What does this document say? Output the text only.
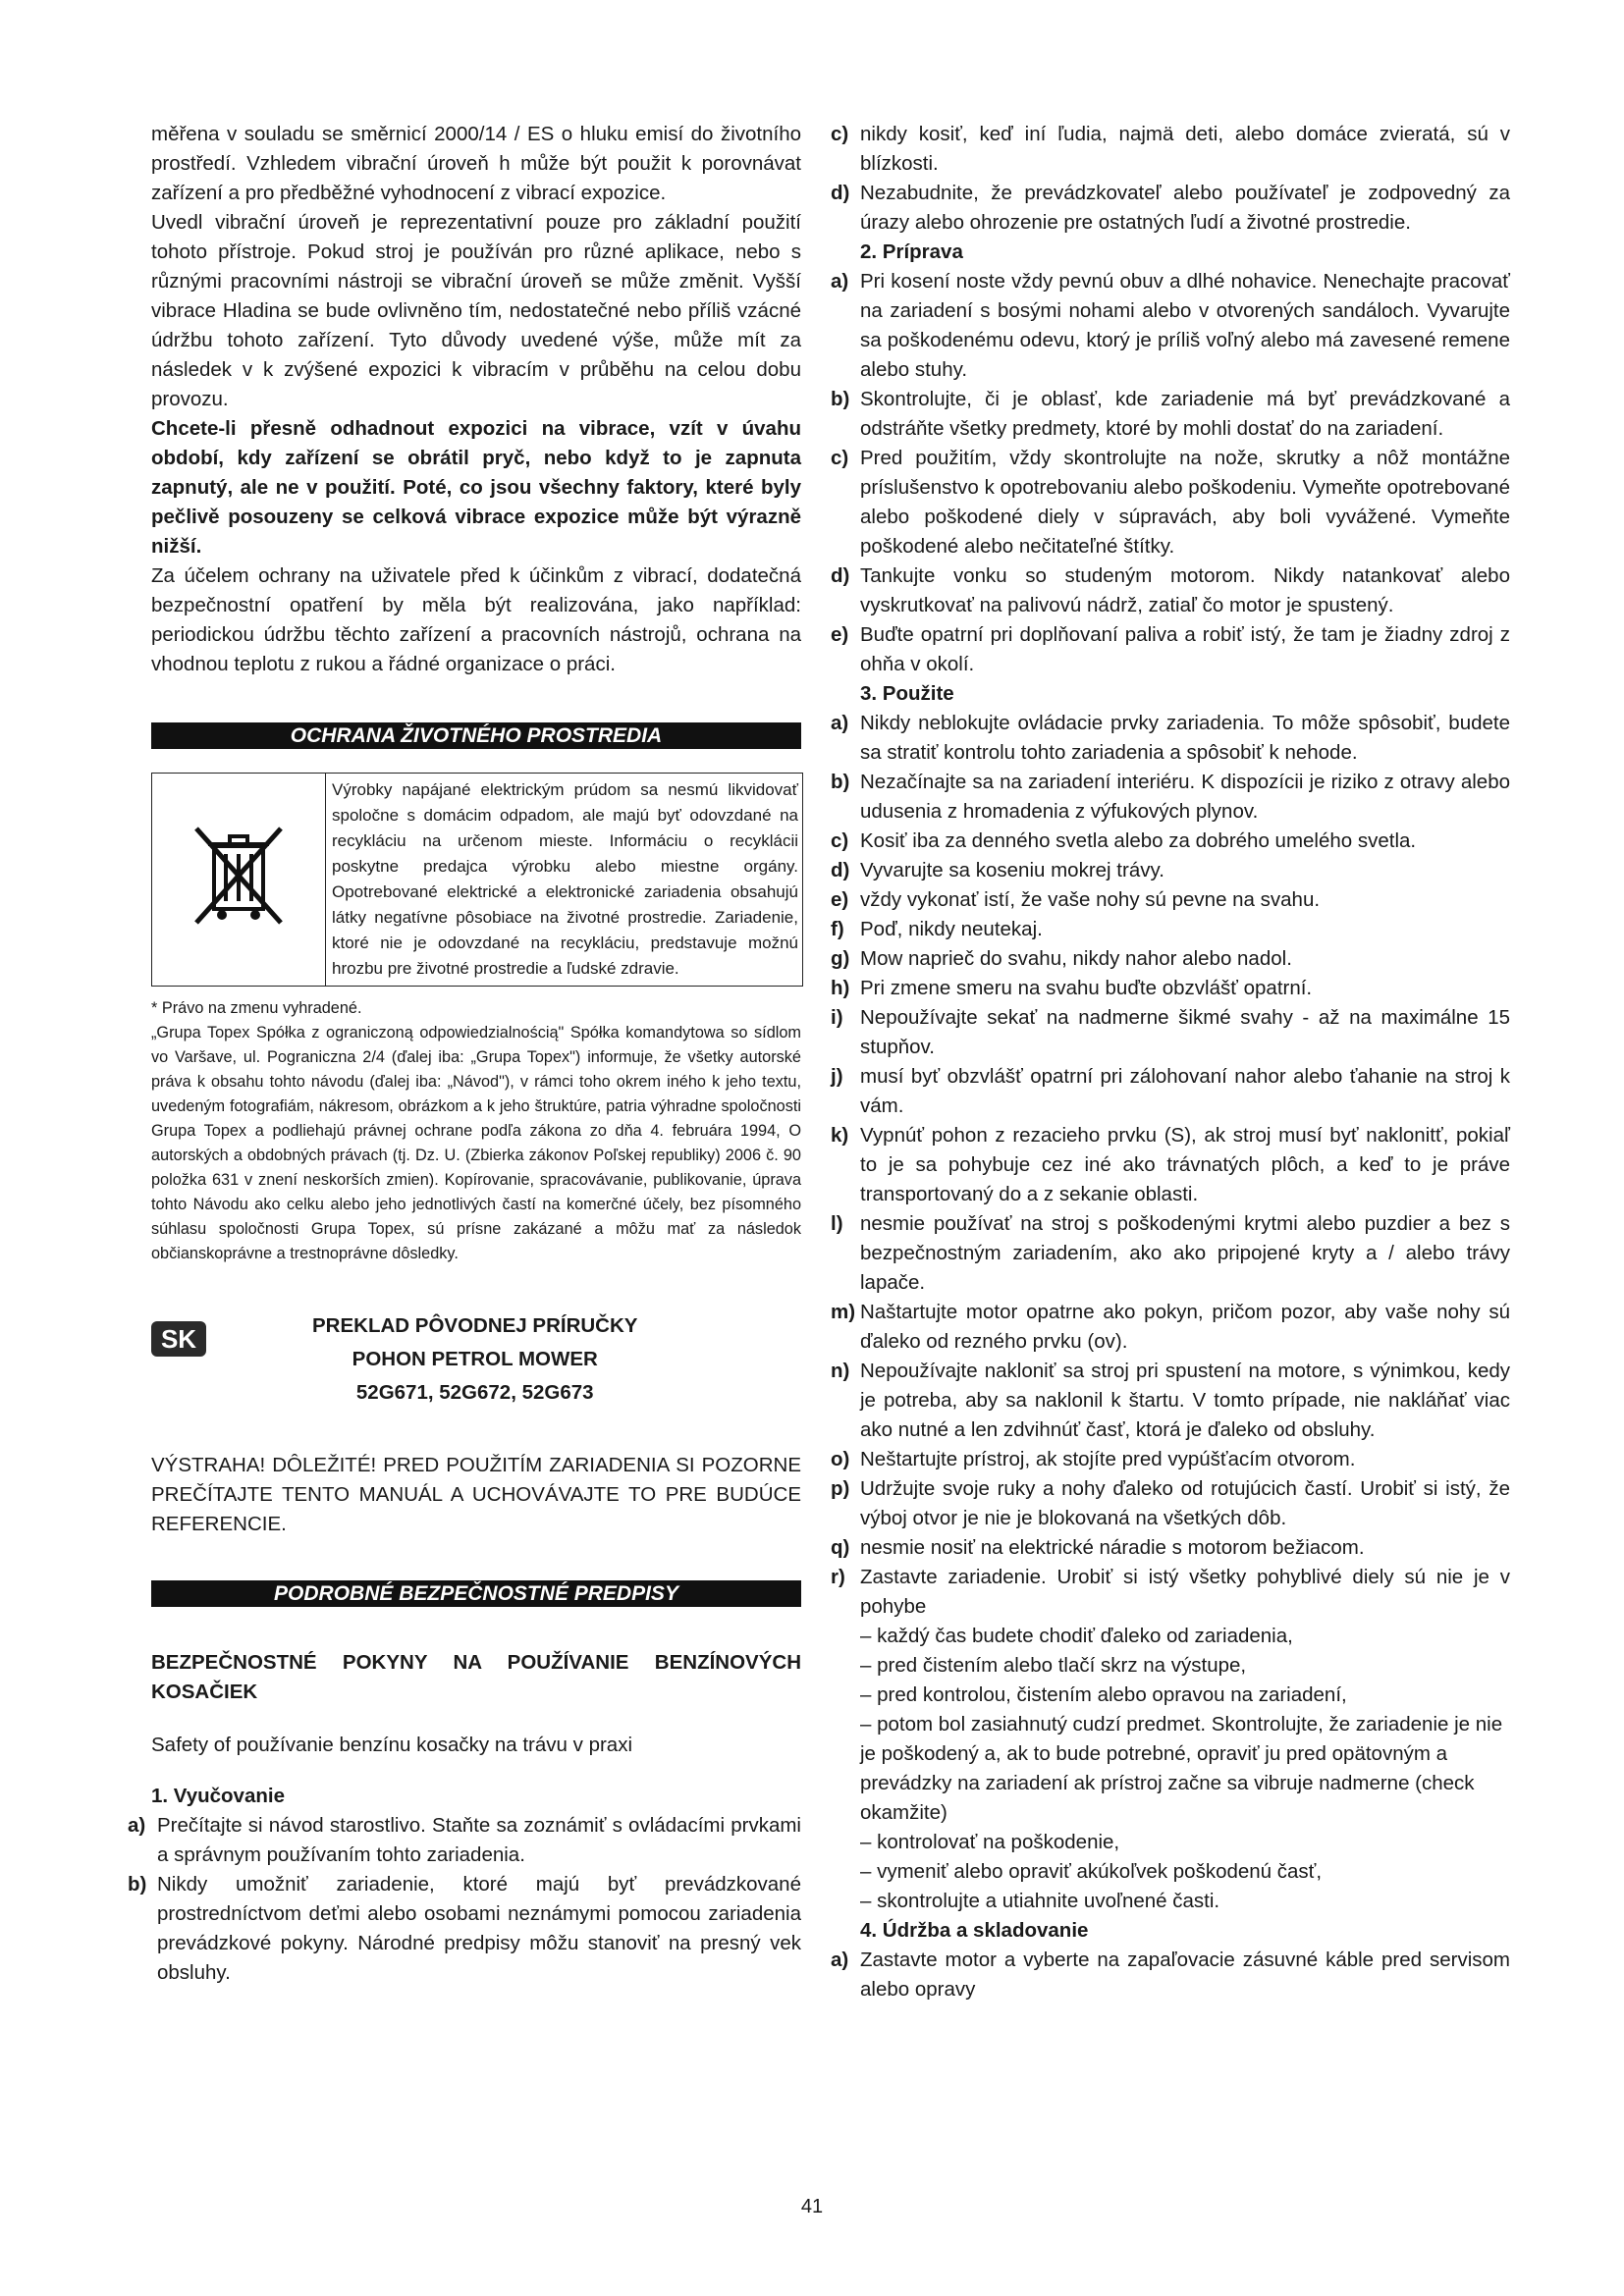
měřena v souladu se směrnicí 2000/14 / ES o hluku emisí do životního prostředí. Vzhledem vibrační úroveň h může být použit k porovnávat zařízení a pro předběžné vyhodnocení z vibrací expozice.

Uvedl vibrační úroveň je reprezentativní pouze pro základní použití tohoto přístroje. Pokud stroj je používán pro různé aplikace, nebo s různými pracovními nástroji se vibrační úroveň se může změnit. Vyšší vibrace Hladina se bude ovlivněno tím, nedostatečné nebo příliš vzácné údržbu tohoto zařízení. Tyto důvody uvedené výše, může mít za následek v k zvýšené expozici k vibracím v průběhu na celou dobu provozu.

Chcete-li přesně odhadnout expozici na vibrace, vzít v úvahu období, kdy zařízení se obrátil pryč, nebo když to je zapnuta zapnutý, ale ne v použití. Poté, co jsou všechny faktory, které byly pečlivě posouzeny se celková vibrace expozice může být výrazně nižší.

Za účelem ochrany na uživatele před k účinkům z vibrací, dodatečná bezpečnostní opatření by měla být realizována, jako například: periodickou údržbu těchto zařízení a pracovních nástrojů, ochrana na vhodnou teplotu z rukou a řádné organizace o práci.

OCHRANA ŽIVOTNÉHO PROSTREDIA
Výrobky napájané elektrickým prúdom sa nesmú likvidovať spoločne s domácim odpadom, ale majú byť odovzdané na recykláciu na určenom mieste. Informáciu o recyklácii poskytne predajca výrobku alebo miestne orgány. Opotrebované elektrické a elektronické zariadenia obsahujú látky negatívne pôsobiace na životné prostredie. Zariadenie, ktoré nie je odovzdané na recykláciu, predstavuje možnú hrozbu pre životné prostredie a ľudské zdravie.

* Právo na zmenu vyhradené.

„Grupa Topex Spółka z ograniczoną odpowiedzialnością" Spółka komandytowa so sídlom vo Varšave, ul. Pograniczna 2/4 (ďalej iba: „Grupa Topex") informuje, že všetky autorské práva k obsahu tohto návodu (ďalej iba: „Návod"), v rámci toho okrem iného k jeho textu, uvedeným fotografiám, nákresom, obrázkom a k jeho štruktúre, patria výhradne spoločnosti Grupa Topex a podliehajú právnej ochrane podľa zákona zo dňa 4. februára 1994, O autorských a obdobných právach (tj. Dz. U. (Zbierka zákonov Poľskej republiky) 2006 č. 90 položka 631 v znení neskorších zmien). Kopírovanie, spracovávanie, publikovanie, úprava tohto Návodu ako celku alebo jeho jednotlivých častí na komerčné účely, bez písomného súhlasu spoločnosti Grupa Topex, sú prísne zakázané a môžu mať za následok občianskoprávne a trestnoprávne dôsledky.

SK	PREKLAD PÔVODNEJ PRÍRUČKY
POHON PETROL MOWER
52G671, 52G672, 52G673

VÝSTRAHA! DÔLEŽITÉ! PRED POUŽITÍM ZARIADENIA SI POZORNE PREČÍTAJTE TENTO MANUÁL A UCHOVÁVAJTE TO PRE BUDÚCE REFERENCIE.

PODROBNÉ BEZPEČNOSTNÉ PREDPISY

BEZPEČNOSTNÉ POKYNY NA POUŽÍVANIE BENZÍNOVÝCH KOSAČIEK

Safety of používanie benzínu kosačky na trávu v praxi

1. Vyučovanie

a) Prečítajte si návod starostlivo. Staňte sa zoznámiť s ovládacími prvkami a správnym používaním tohto zariadenia.
b) Nikdy umožniť zariadenie, ktoré majú byť prevádzkované prostredníctvom deťmi alebo osobami neznámymi pomocou zariadenia prevádzkové pokyny. Národné predpisy môžu stanoviť na presný vek obsluhy.
c) nikdy kosiť, keď iní ľudia, najmä deti, alebo domáce zvieratá, sú v blízkosti.
d) Nezabudnite, že prevádzkovateľ alebo používateľ je zodpovedný za úrazy alebo ohrozenie pre ostatných ľudí a životné prostredie.
2. Príprava
a) Pri kosení noste vždy pevnú obuv a dlhé nohavice. Nenechajte pracovať na zariadení s bosými nohami alebo v otvorených sandáloch. Vyvarujte sa poškodenému odevu, ktorý je príliš voľný alebo má zavesené remene alebo stuhy.
b) Skontrolujte, či je oblasť, kde zariadenie má byť prevádzkované a odstráňte všetky predmety, ktoré by mohli dostať do na zariadení.
c) Pred použitím, vždy skontrolujte na nože, skrutky a nôž montážne príslušenstvo k opotrebovaniu alebo poškodeniu. Vymeňte opotrebované alebo poškodené diely v súpravách, aby boli vyvážené. Vymeňte poškodené alebo nečitateľné štítky.
d) Tankujte vonku so studeným motorom. Nikdy natankovať alebo vyskrutkovať na palivovú nádrž, zatiaľ čo motor je spustený.
e) Buďte opatrní pri doplňovaní paliva a robiť istý, že tam je žiadny zdroj z ohňa v okolí.
3. Použite
a) Nikdy neblokujte ovládacie prvky zariadenia. To môže spôsobiť, budete sa stratiť kontrolu tohto zariadenia a spôsobiť k nehode.
b) Nezačínajte sa na zariadení interiéru. K dispozícii je riziko z otravy alebo udusenia z hromadenia z výfukových plynov.
c) Kosiť iba za denného svetla alebo za dobrého umelého svetla.
d) Vyvarujte sa koseniu mokrej trávy.
e) vždy vykonať istí, že vaše nohy sú pevne na svahu.
f) Poď, nikdy neutekaj.
g) Mow naprieč do svahu, nikdy nahor alebo nadol.
h) Pri zmene smeru na svahu buďte obzvlášť opatrní.
i) Nepoužívajte sekať na nadmerne šikmé svahy - až na maximálne 15 stupňov.
j) musí byť obzvlášť opatrní pri zálohovaní nahor alebo ťahanie na stroj k vám.
k) Vypnúť pohon z rezacieho prvku (S), ak stroj musí byť naklonitť, pokiaľ to je sa pohybuje cez iné ako trávnatých plôch, a keď to je práve transportovaný do a z sekanie oblasti.
l) nesmie používať na stroj s poškodenými krytmi alebo puzdier a bez s bezpečnostným zariadením, ako ako pripojené kryty a / alebo trávy lapače.
m) Naštartujte motor opatrne ako pokyn, pričom pozor, aby vaše nohy sú ďaleko od rezného prvku (ov).
n) Nepoužívajte nakloniť sa stroj pri spustení na motore, s výnimkou, kedy je potreba, aby sa naklonil k štartu. V tomto prípade, nie nakláňať viac ako nutné a len zdvihnúť časť, ktorá je ďaleko od obsluhy.
o) Neštartujte prístroj, ak stojíte pred vypúšťacím otvorom.
p) Udržujte svoje ruky a nohy ďaleko od rotujúcich častí. Urobiť si istý, že výboj otvor je nie je blokovaná na všetkých dôb.
q) nesmie nosiť na elektrické náradie s motorom bežiacom.
r) Zastavte zariadenie. Urobiť si istý všetky pohyblivé diely sú nie je v pohybe
– každý čas budete chodiť ďaleko od zariadenia,
– pred čistením alebo tlačí skrz na výstupe,
– pred kontrolou, čistením alebo opravou na zariadení,
– potom bol zasiahnutý cudzí predmet. Skontrolujte, že zariadenie je nie je poškodený a, ak to bude potrebné, opraviť ju pred opätovným a prevádzky na zariadení ak prístroj začne sa vibruje nadmerne (check okamžite)
– kontrolovať na poškodenie,
– vymeniť alebo opraviť akúkoľvek poškodenú časť,
– skontrolujte a utiahnite uvoľnené časti.
4. Údržba a skladovanie
a) Zastavte motor a vyberte na zapaľovacie zásuvné káble pred servisom alebo opravy
41
